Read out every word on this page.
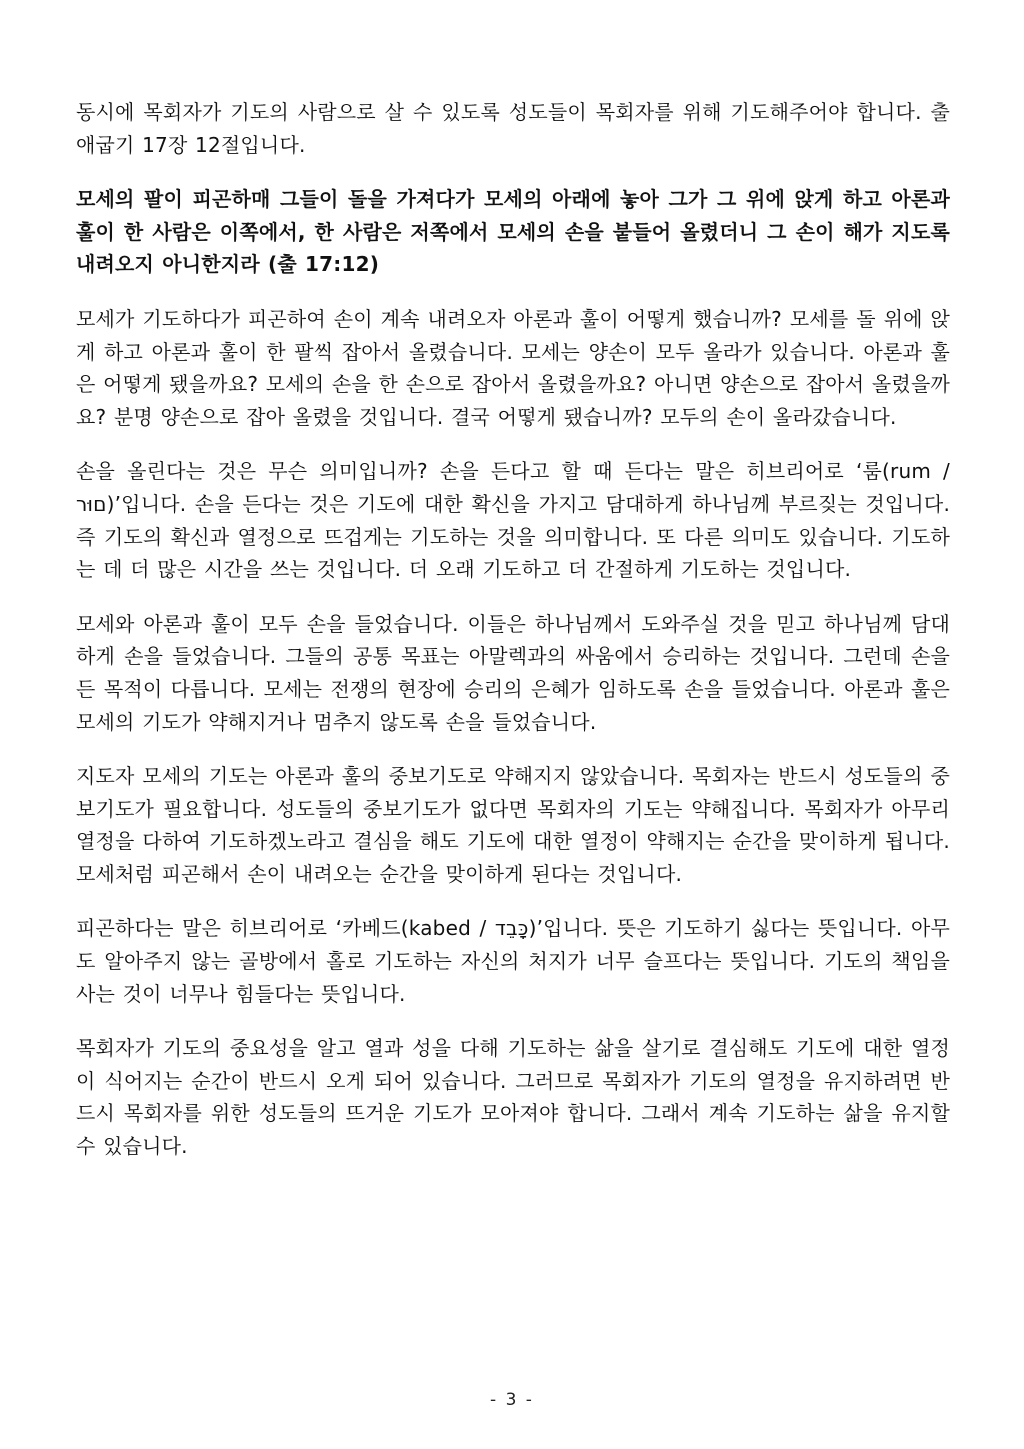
동시에 목회자가 기도의 사람으로 살 수 있도록 성도들이 목회자를 위해 기도해주어야 합니다. 출애굽기 17장 12절입니다.

모세의 팔이 피곤하매 그들이 돌을 가져다가 모세의 아래에 놓아 그가 그 위에 앉게 하고 아론과 훌이 한 사람은 이쪽에서, 한 사람은 저쪽에서 모세의 손을 붙들어 올렸더니 그 손이 해가 지도록 내려오지 아니한지라 (출 17:12)

모세가 기도하다가 피곤하여 손이 계속 내려오자 아론과 훌이 어떻게 했습니까? 모세를 돌 위에 앉게 하고 아론과 훌이 한 팔씩 잡아서 올렸습니다. 모세는 양손이 모두 올라가 있습니다. 아론과 훌은 어떻게 됐을까요? 모세의 손을 한 손으로 잡아서 올렸을까요? 아니면 양손으로 잡아서 올렸을까요? 분명 양손으로 잡아 올렸을 것입니다. 결국 어떻게 됐습니까? 모두의 손이 올라갔습니다.

손을 올린다는 것은 무슨 의미입니까? 손을 든다고 할 때 든다는 말은 히브리어로 ‘룸(rum / םוּר)’입니다. 손을 든다는 것은 기도에 대한 확신을 가지고 담대하게 하나님께 부르짖는 것입니다. 즉 기도의 확신과 열정으로 뜨겁게는 기도하는 것을 의미합니다. 또 다른 의미도 있습니다. 기도하는 데 더 많은 시간을 쓰는 것입니다. 더 오래 기도하고 더 간절하게 기도하는 것입니다.

모세와 아론과 훌이 모두 손을 들었습니다. 이들은 하나님께서 도와주실 것을 믿고 하나님께 담대하게 손을 들었습니다. 그들의 공통 목표는 아말렉과의 싸움에서 승리하는 것입니다. 그런데 손을 든 목적이 다릅니다. 모세는 전쟁의 현장에 승리의 은혜가 임하도록 손을 들었습니다. 아론과 훌은 모세의 기도가 약해지거나 멈추지 않도록 손을 들었습니다.

지도자 모세의 기도는 아론과 훌의 중보기도로 약해지지 않았습니다. 목회자는 반드시 성도들의 중보기도가 필요합니다. 성도들의 중보기도가 없다면 목회자의 기도는 약해집니다. 목회자가 아무리 열정을 다하여 기도하겠노라고 결심을 해도 기도에 대한 열정이 약해지는 순간을 맞이하게 됩니다. 모세처럼 피곤해서 손이 내려오는 순간을 맞이하게 된다는 것입니다.

피곤하다는 말은 히브리어로 ‘카베드(kabed / כָּבֵד)’입니다. 뜻은 기도하기 싫다는 뜻입니다. 아무도 알아주지 않는 골방에서 홀로 기도하는 자신의 처지가 너무 슬프다는 뜻입니다. 기도의 책임을 사는 것이 너무나 힘들다는 뜻입니다.

목회자가 기도의 중요성을 알고 열과 성을 다해 기도하는 삶을 살기로 결심해도 기도에 대한 열정이 식어지는 순간이 반드시 오게 되어 있습니다. 그러므로 목회자가 기도의 열정을 유지하려면 반드시 목회자를 위한 성도들의 뜨거운 기도가 모아져야 합니다. 그래서 계속 기도하는 삶을 유지할 수 있습니다.

- 3 -
